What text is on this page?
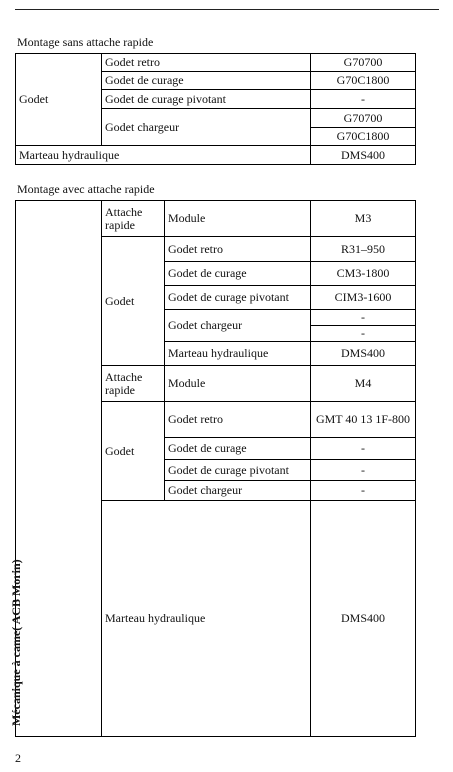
Montage sans attache rapide
Godet	Godet retro	G70700
	Godet de curage	G70C1800
	Godet de curage pivotant	-
	Godet chargeur	G70700
		G70C1800
Marteau hydraulique		DMS400
Montage avec attache rapide
Mécanique à came( ACB Morin)	Attache rapide	Module	M3
	Godet	Godet retro	R31–950
		Godet de curage	CM3-1800
		Godet de curage pivotant	CIM3-1600
		Godet chargeur	-
			-
		Marteau hydraulique	DMS400
	Attache rapide	Module	M4
	Godet	Godet retro	GMT 40 13 1F-800
		Godet de curage	-
		Godet de curage pivotant	-
		Godet chargeur	-
	Marteau hydraulique		DMS400
2
